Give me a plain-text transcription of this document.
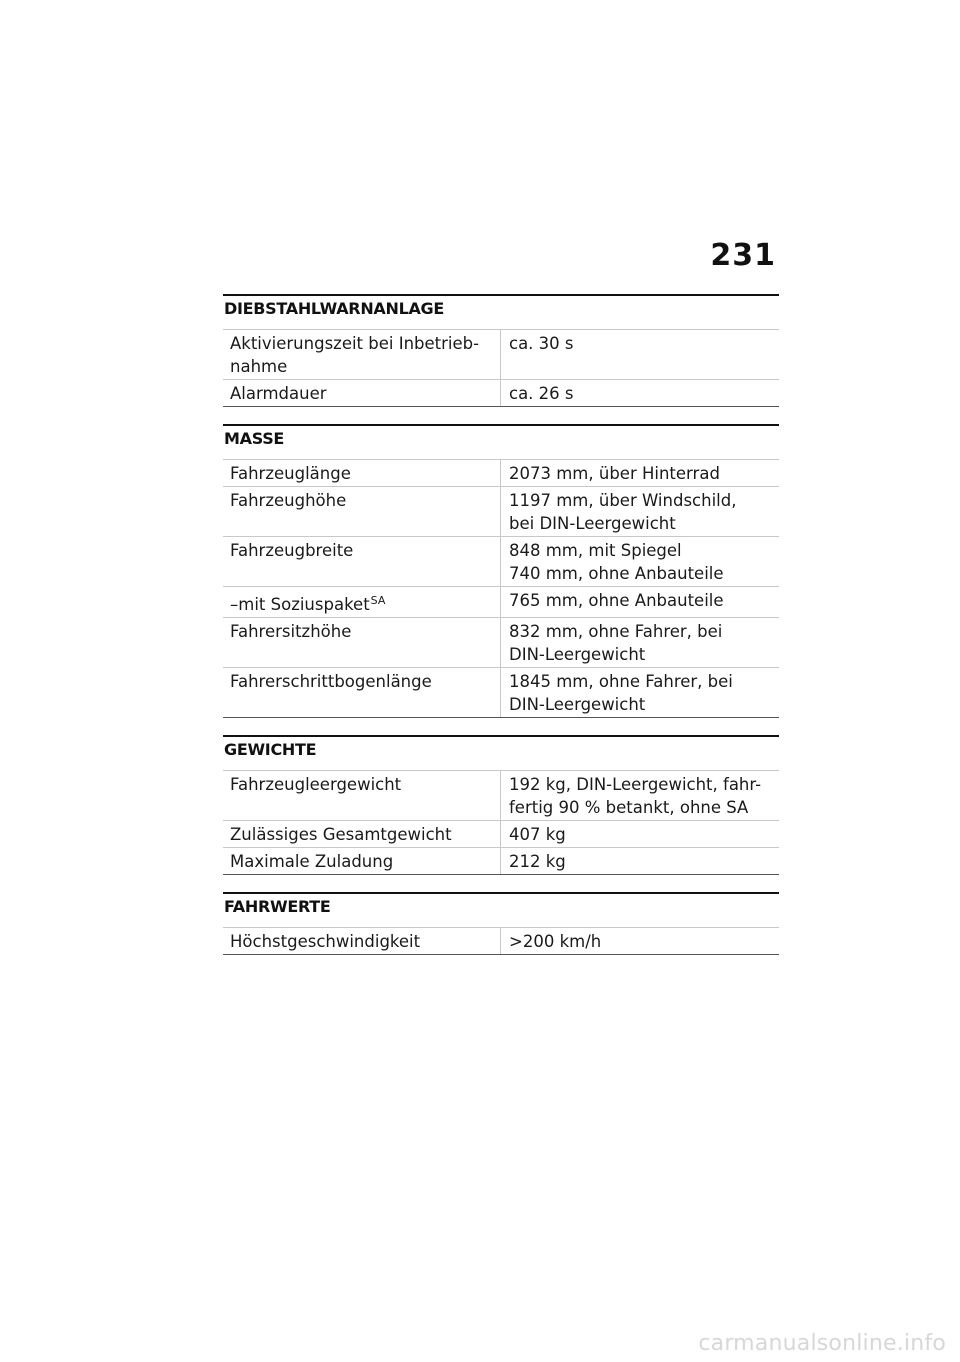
231
DIEBSTAHLWARNANLAGE
Aktivierungszeit bei Inbetrieb-
nahme	ca. 30 s
Alarmdauer	ca. 26 s
MASSE
Fahrzeuglänge	2073 mm, über Hinterrad
Fahrzeughöhe	1197 mm, über Windschild,
bei DIN-Leergewicht
Fahrzeugbreite	848 mm, mit Spiegel
740 mm, ohne Anbauteile
–mit Soziuspaket$^{SA}$	765 mm, ohne Anbauteile
Fahrersitzhöhe	832 mm, ohne Fahrer, bei
DIN-Leergewicht
Fahrerschrittbogenlänge	1845 mm, ohne Fahrer, bei
DIN-Leergewicht
GEWICHTE
Fahrzeugleergewicht	192 kg, DIN-Leergewicht, fahr-
fertig 90 % betankt, ohne SA
Zulässiges Gesamtgewicht	407 kg
Maximale Zuladung	212 kg
FAHRWERTE
Höchstgeschwindigkeit	>200 km/h
carmanualsonline.info
